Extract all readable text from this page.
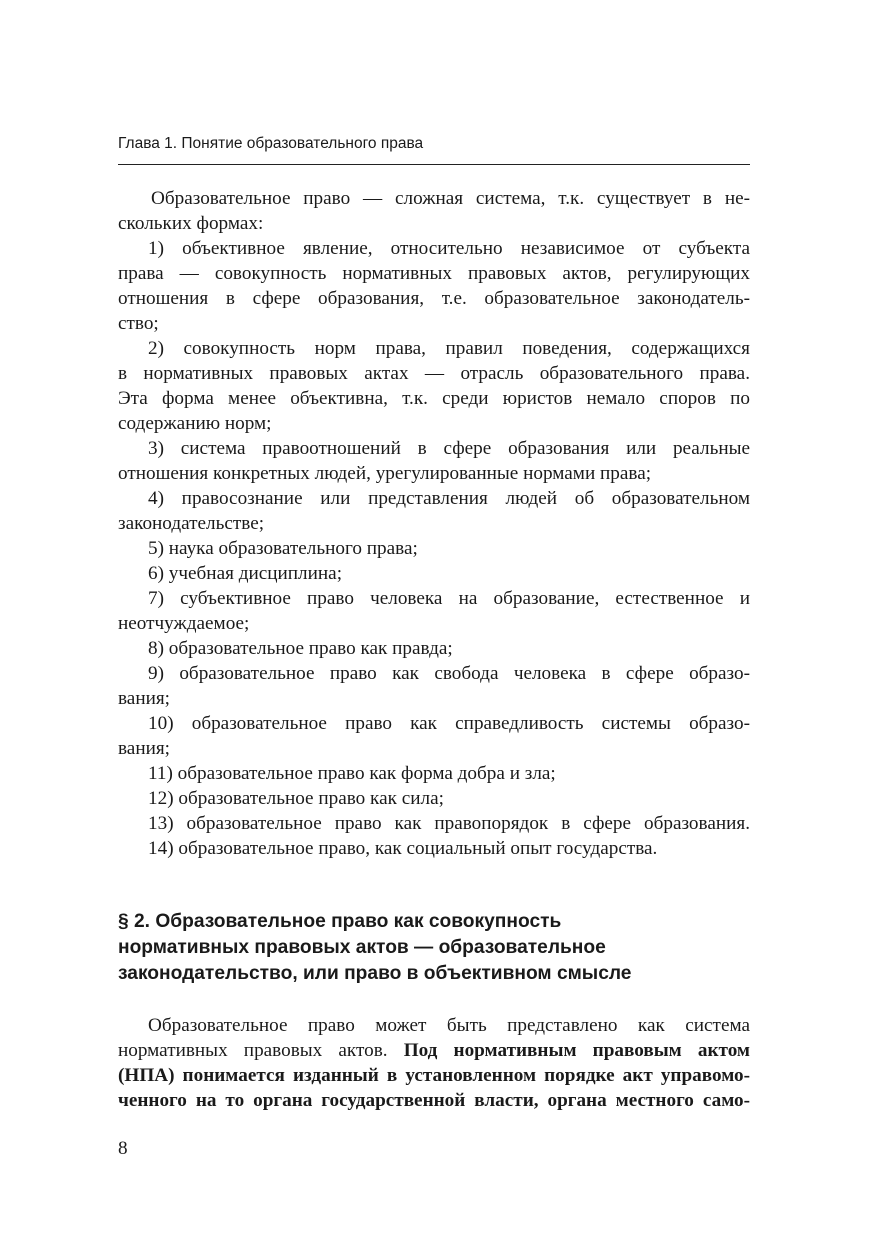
Глава 1. Понятие образовательного права
Образовательное право — сложная система, т.к. существует в не-
скольких формах:
1) объективное явление, относительно независимое от субъекта
права — совокупность нормативных правовых актов, регулирующих
отношения в сфере образования, т.е. образовательное законодатель-
ство;
2) совокупность норм права, правил поведения, содержащихся
в нормативных правовых актах — отрасль образовательного права.
Эта форма менее объективна, т.к. среди юристов немало споров по
содержанию норм;
3) система правоотношений в сфере образования или реальные
отношения конкретных людей, урегулированные нормами права;
4) правосознание или представления людей об образовательном
законодательстве;
5) наука образовательного права;
6) учебная дисциплина;
7) субъективное право человека на образование, естественное и
неотчуждаемое;
8) образовательное право как правда;
9) образовательное право как свобода человека в сфере образо-
вания;
10) образовательное право как справедливость системы образо-
вания;
11) образовательное право как форма добра и зла;
12) образовательное право как сила;
13) образовательное право как правопорядок в сфере образования.
14) образовательное право, как социальный опыт государства.
§ 2. Образовательное право как совокупность
нормативных правовых актов — образовательное
законодательство, или право в объективном смысле
Образовательное право может быть представлено как система
нормативных правовых актов. Под нормативным правовым актом
(НПА) понимается изданный в установленном порядке акт управомо-
ченного на то органа государственной власти, органа местного само-
8
